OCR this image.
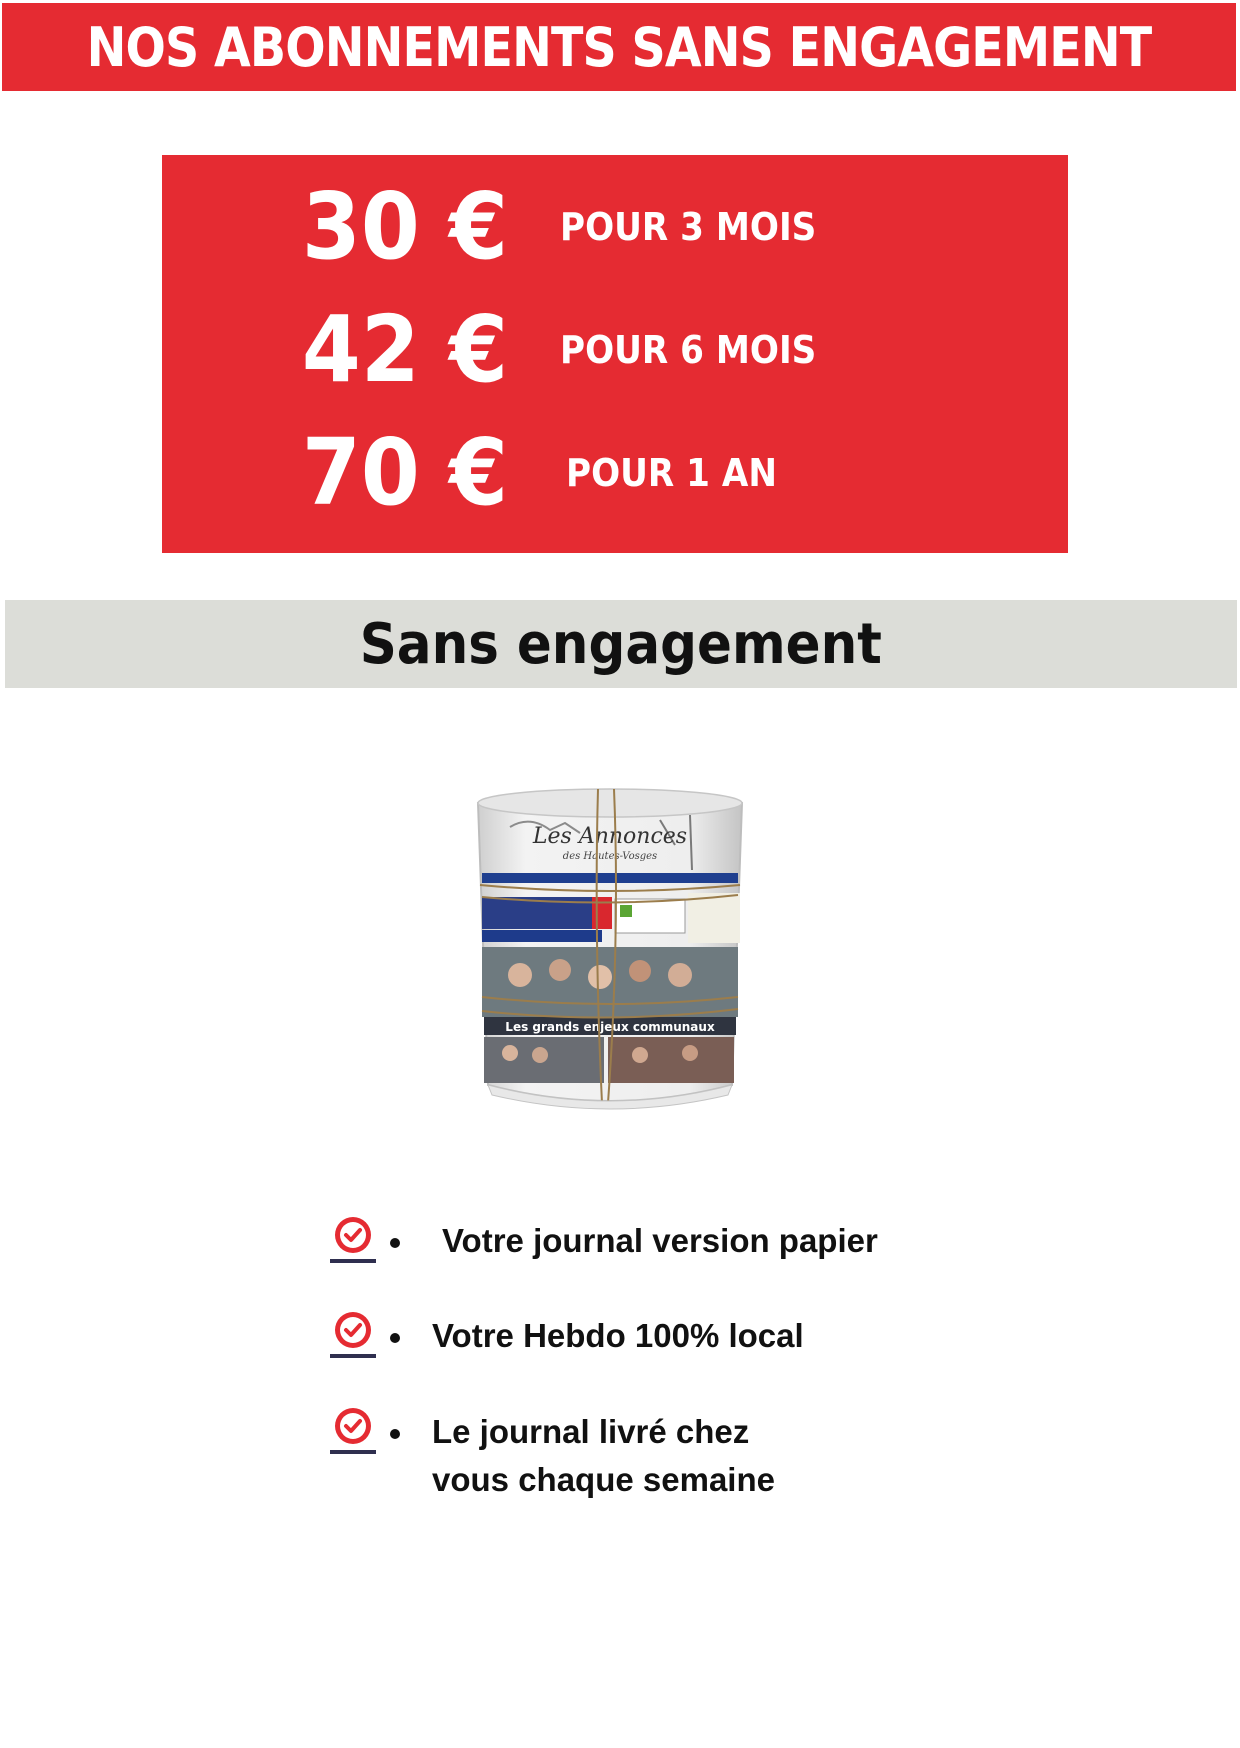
NOS ABONNEMENTS SANS ENGAGEMENT
30 € POUR 3 MOIS
42 € POUR 6 MOIS
70 € POUR 1 AN
Sans engagement
Les Annonces
des Hautes-Vosges
Les grands enjeux communaux
Votre journal version papier
Votre Hebdo 100% local
Le journal livré chez
vous chaque semaine
